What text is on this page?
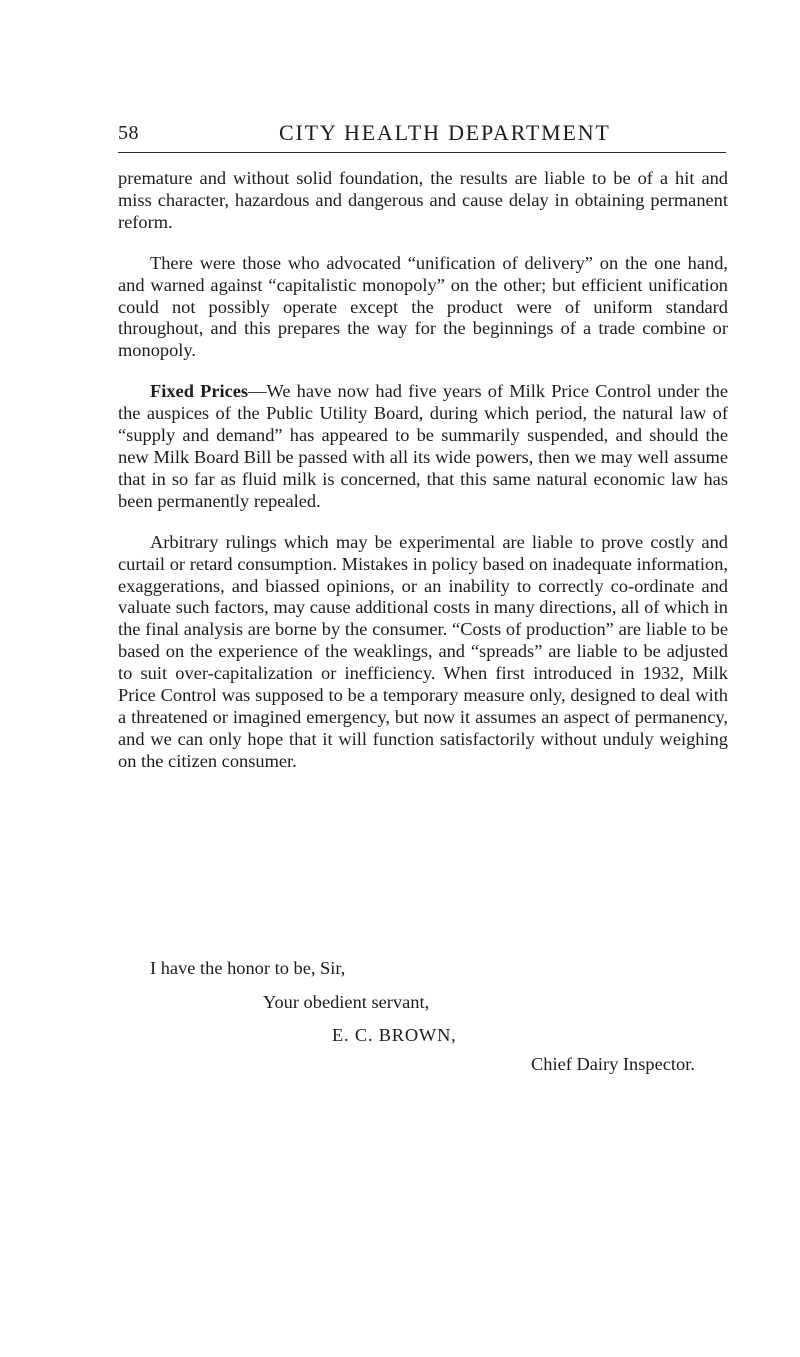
58	CITY HEALTH DEPARTMENT

premature and without solid foundation, the results are liable to be of a hit and miss character, hazardous and dangerous and cause delay in obtaining permanent reform.

There were those who advocated “unification of delivery” on the one hand, and warned against “capitalistic monopoly” on the other; but efficient unification could not possibly operate except the product were of uniform standard throughout, and this prepares the way for the beginnings of a trade combine or monopoly.

Fixed Prices—We have now had five years of Milk Price Control under the the auspices of the Public Utility Board, during which period, the natural law of “supply and demand” has appeared to be summarily suspended, and should the new Milk Board Bill be passed with all its wide powers, then we may well assume that in so far as fluid milk is concerned, that this same natural economic law has been permanently repealed.

Arbitrary rulings which may be experimental are liable to prove costly and curtail or retard consumption. Mistakes in policy based on inadequate information, exaggerations, and biassed opinions, or an inability to correctly co-ordinate and valuate such factors, may cause additional costs in many directions, all of which in the final analysis are borne by the consumer. “Costs of production” are liable to be based on the experience of the weaklings, and “spreads” are liable to be adjusted to suit over-capitalization or inefficiency. When first introduced in 1932, Milk Price Control was supposed to be a temporary measure only, designed to deal with a threatened or imagined emergency, but now it assumes an aspect of permanency, and we can only hope that it will function satisfactorily without unduly weighing on the citizen consumer.

I have the honor to be, Sir,
Your obedient servant,
E. C. BROWN,
Chief Dairy Inspector.
